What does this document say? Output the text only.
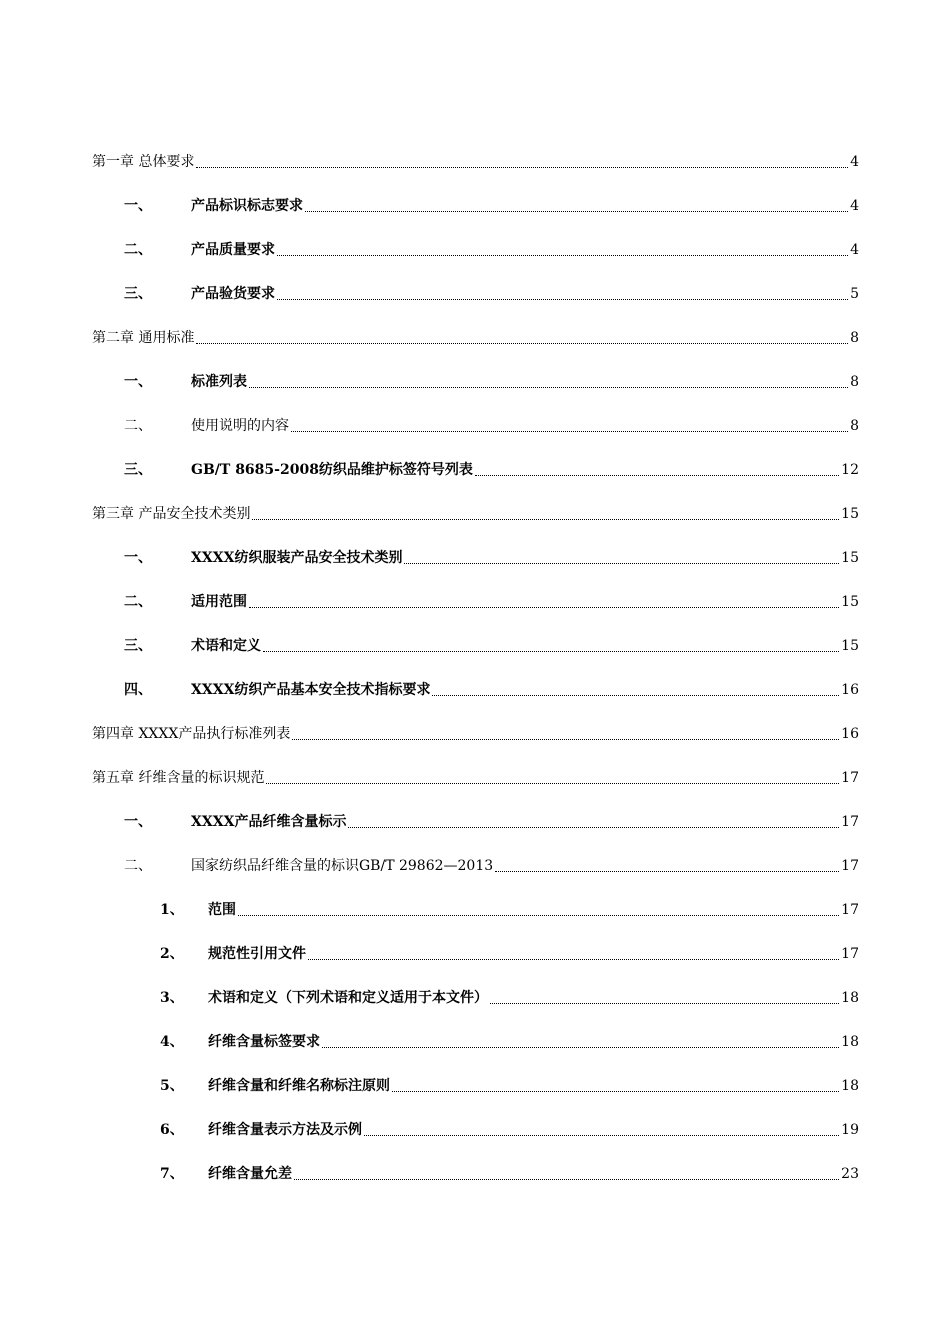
第一章 总体要求	4
一、	产品标识标志要求	4
二、	产品质量要求	4
三、	产品验货要求	5
第二章 通用标准	8
一、	标准列表	8
二、	使用说明的内容	8
三、	GB/T 8685-2008纺织品维护标签符号列表	12
第三章 产品安全技术类别	15
一、	XXXX纺织服装产品安全技术类别	15
二、	适用范围	15
三、	术语和定义	15
四、	XXXX纺织产品基本安全技术指标要求	16
第四章 XXXX产品执行标准列表	16
第五章 纤维含量的标识规范	17
一、	XXXX产品纤维含量标示	17
二、	国家纺织品纤维含量的标识GB/T 29862—2013	17
1、	范围	17
2、	规范性引用文件	17
3、	术语和定义（下列术语和定义适用于本文件）	18
4、	纤维含量标签要求	18
5、	纤维含量和纤维名称标注原则	18
6、	纤维含量表示方法及示例	19
7、	纤维含量允差	23
